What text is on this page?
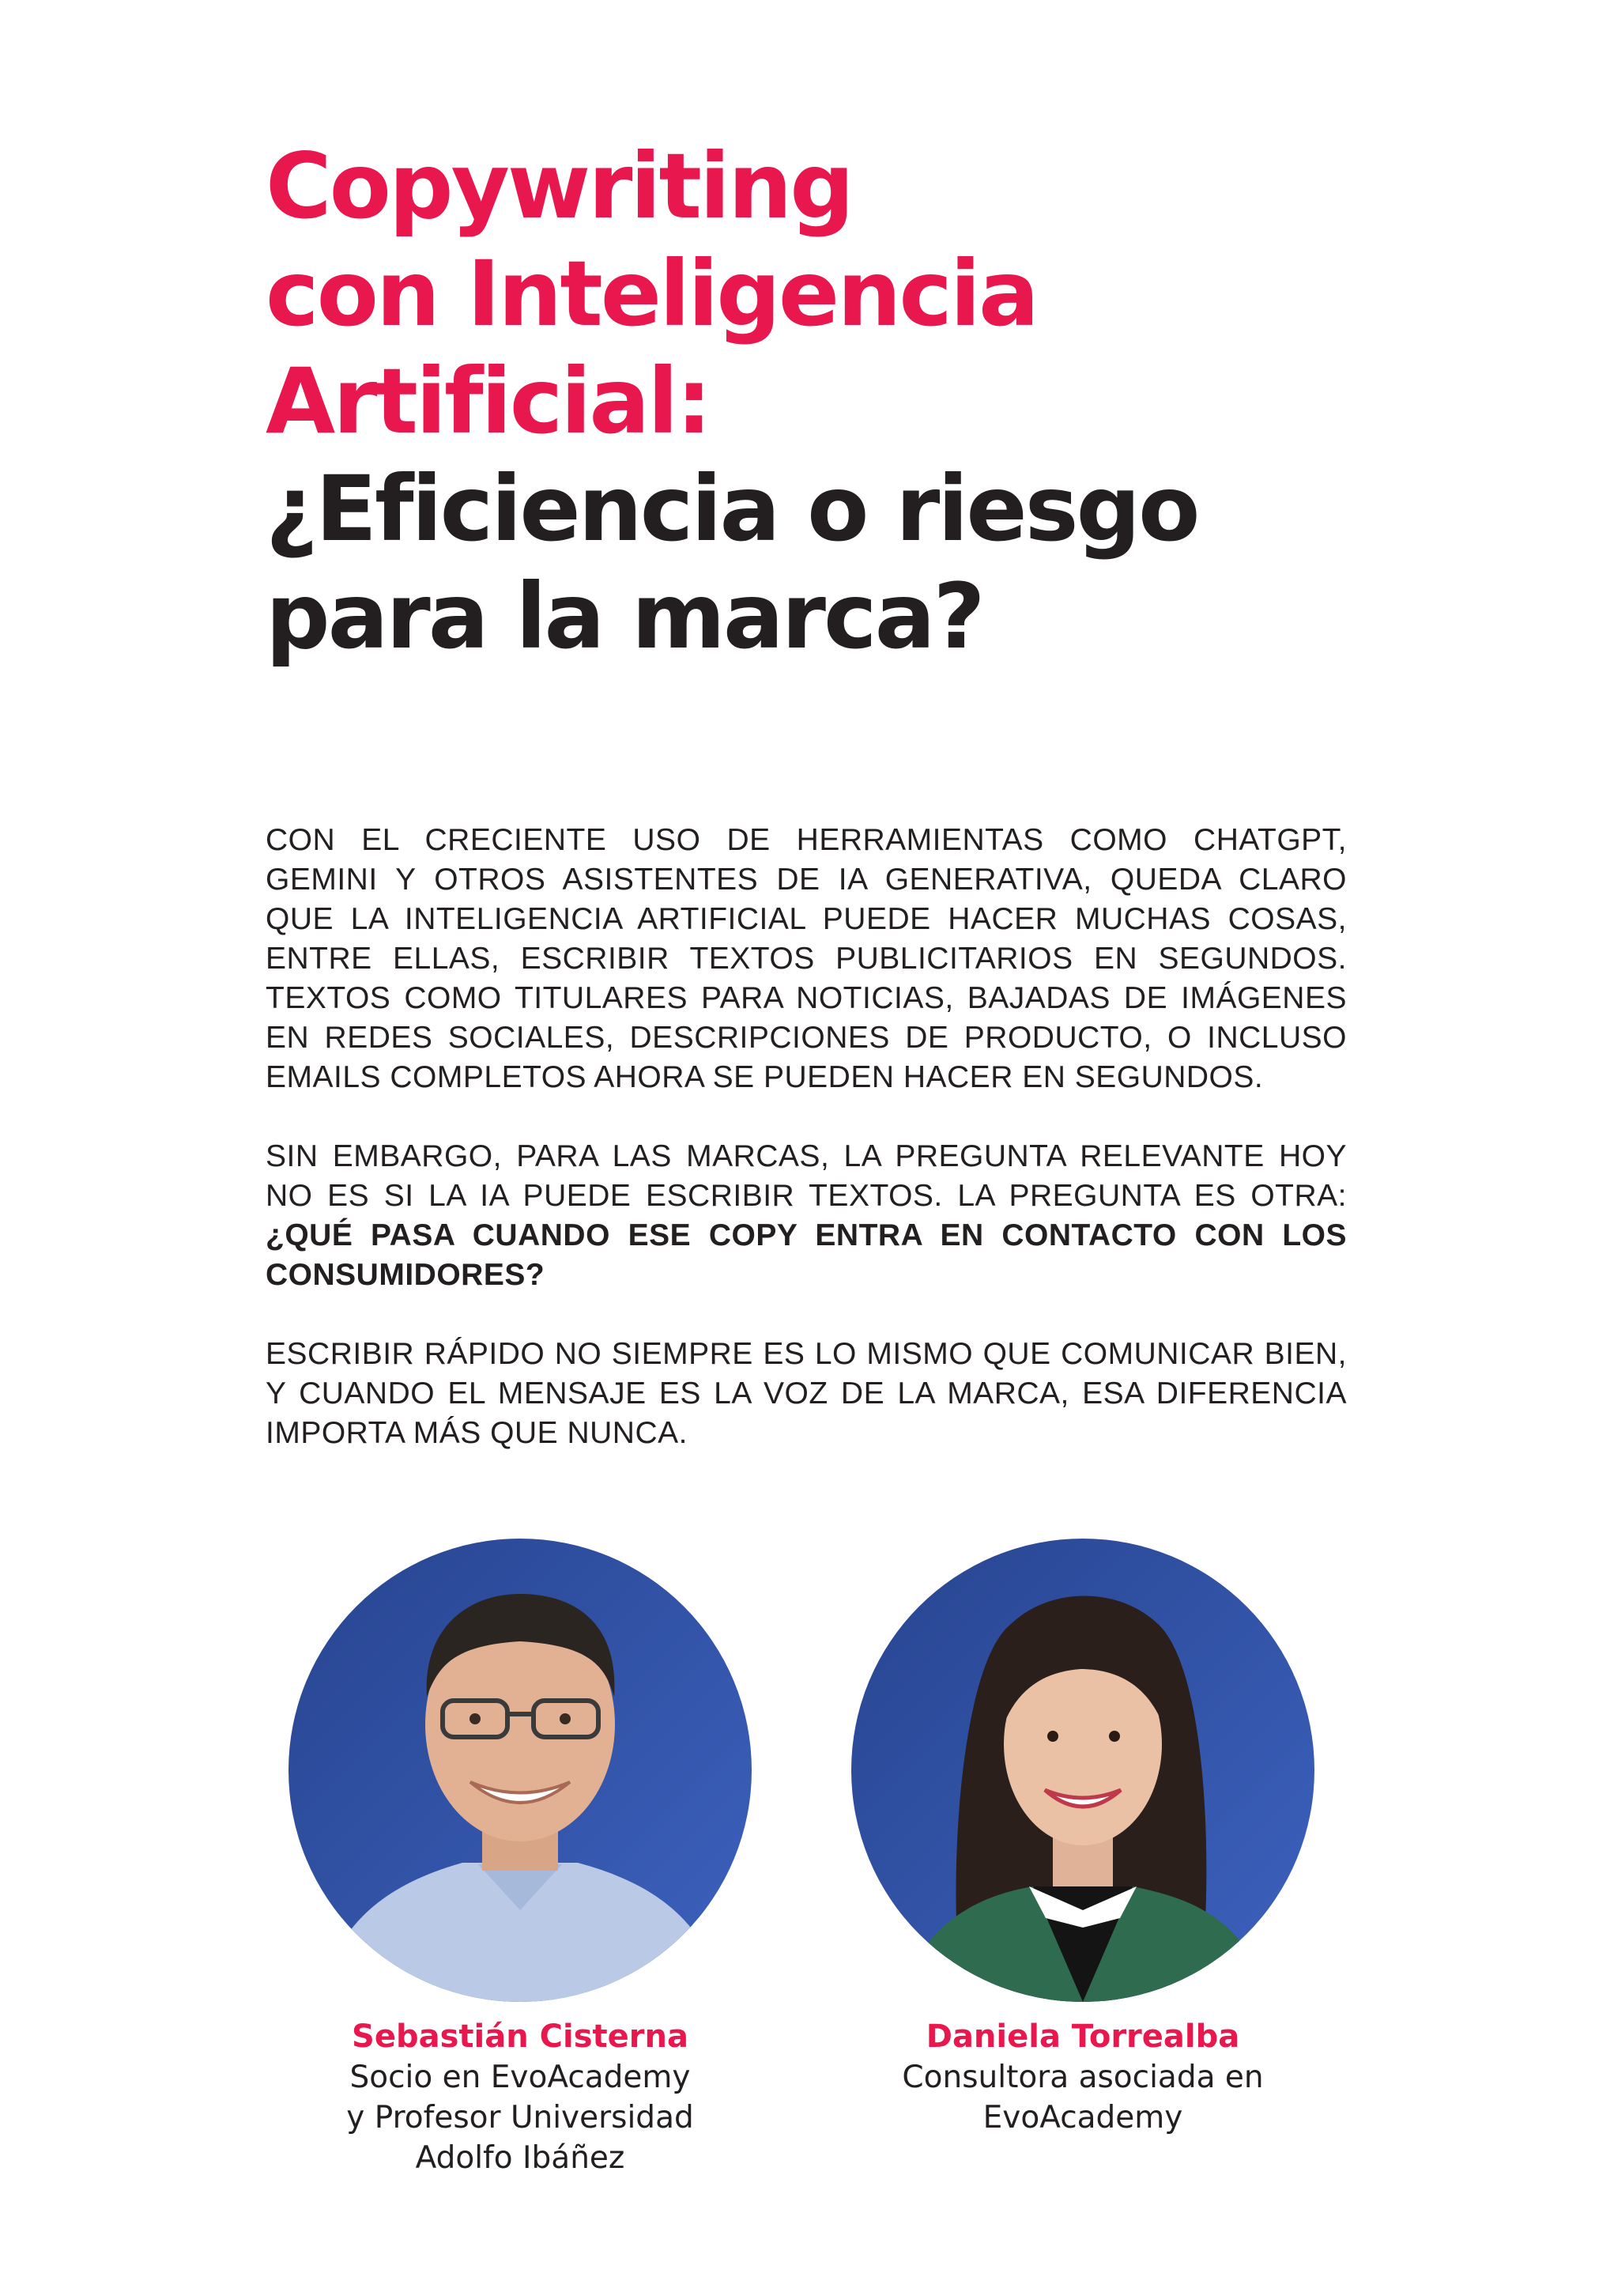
Copywriting
con Inteligencia
Artificial:
¿Eficiencia o riesgo
para la marca?

CON EL CRECIENTE USO DE HERRAMIENTAS COMO CHATGPT, GEMINI Y OTROS ASISTENTES DE IA GENERATIVA, QUEDA CLARO QUE LA INTELIGENCIA ARTIFICIAL PUEDE HACER MUCHAS COSAS, ENTRE ELLAS, ESCRIBIR TEXTOS PUBLICITARIOS EN SEGUNDOS. TEXTOS COMO TITULARES PARA NOTICIAS, BAJADAS DE IMÁGENES EN REDES SOCIALES, DESCRIPCIONES DE PRODUCTO, O INCLUSO EMAILS COMPLETOS AHORA SE PUEDEN HACER EN SEGUNDOS.

SIN EMBARGO, PARA LAS MARCAS, LA PREGUNTA RELEVANTE HOY NO ES SI LA IA PUEDE ESCRIBIR TEXTOS. LA PREGUNTA ES OTRA: ¿QUÉ PASA CUANDO ESE COPY ENTRA EN CONTACTO CON LOS CONSUMIDORES?

ESCRIBIR RÁPIDO NO SIEMPRE ES LO MISMO QUE COMUNICAR BIEN, Y CUANDO EL MENSAJE ES LA VOZ DE LA MARCA, ESA DIFERENCIA IMPORTA MÁS QUE NUNCA.

Sebastián Cisterna
Socio en EvoAcademy
y Profesor Universidad
Adolfo Ibáñez
Daniela Torrealba
Consultora asociada en
EvoAcademy
